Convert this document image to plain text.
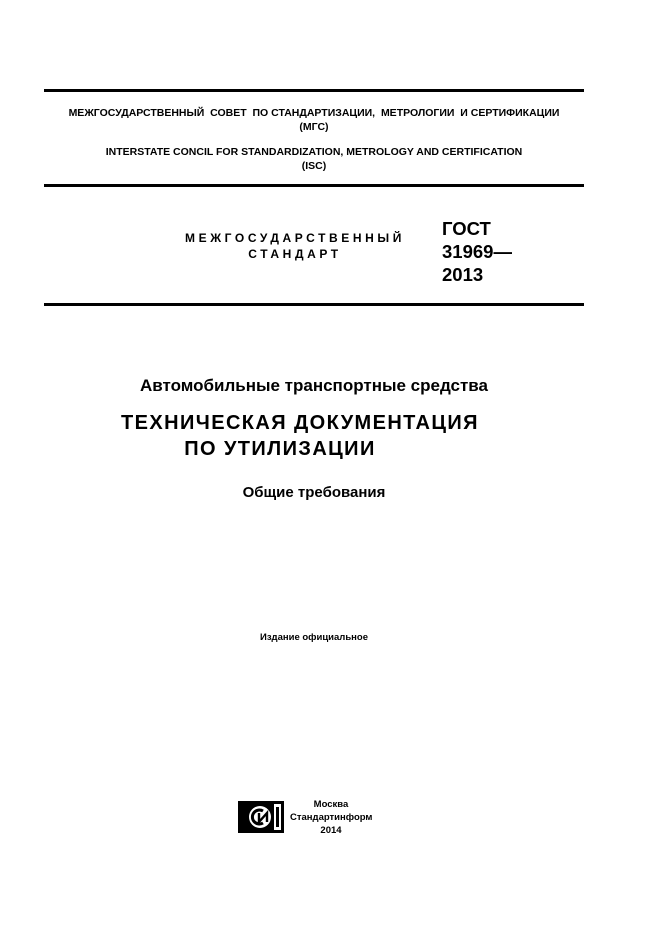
МЕЖГОСУДАРСТВЕННЫЙ  СОВЕТ  ПО СТАНДАРТИЗАЦИИ,  МЕТРОЛОГИИ  И СЕРТИФИКАЦИИ
(МГС)
INTERSTATE CONCIL FOR STANDARDIZATION, METROLOGY AND CERTIFICATION
(ISC)
МЕЖГОСУДАРСТВЕННЫЙ
СТАНДАРТ
ГОСТ
31969—
2013
Автомобильные транспортные средства
ТЕХНИЧЕСКАЯ ДОКУМЕНТАЦИЯ
ПО УТИЛИЗАЦИИ
Общие требования
Издание официальное
Москва
Стандартинформ
2014
